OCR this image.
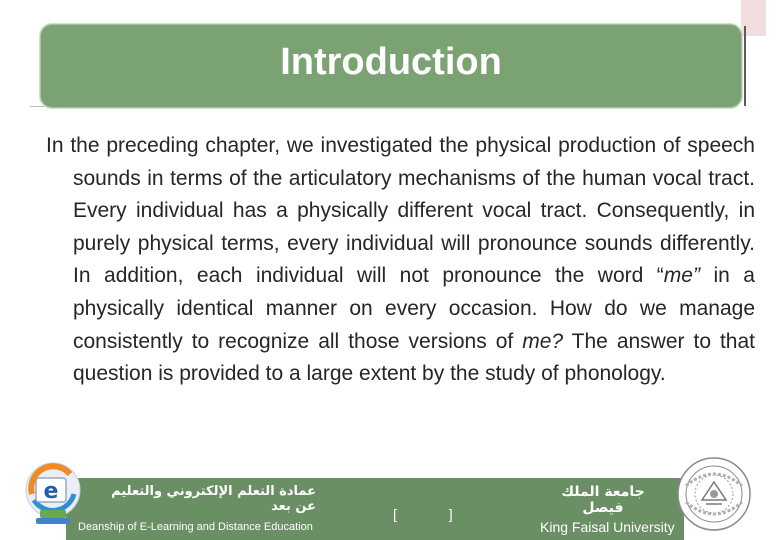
Introduction
In the preceding chapter, we investigated the physical production of speech sounds in terms of the articulatory mechanisms of the human vocal tract. Every individual has a physically different vocal tract. Consequently, in purely physical terms, every individual will pronounce sounds differently. In addition, each individual will not pronounce the word “me” in a physically identical manner on every occasion. How do we manage consistently to recognize all those versions of me? The answer to that question is provided to a large extent by the study of phonology.
عمادة التعلم الإلكتروني والتعليم عن بعد
Deanship of E-Learning and Distance Education
[ ]
جامعة الملك فيصل
King Faisal University
e
